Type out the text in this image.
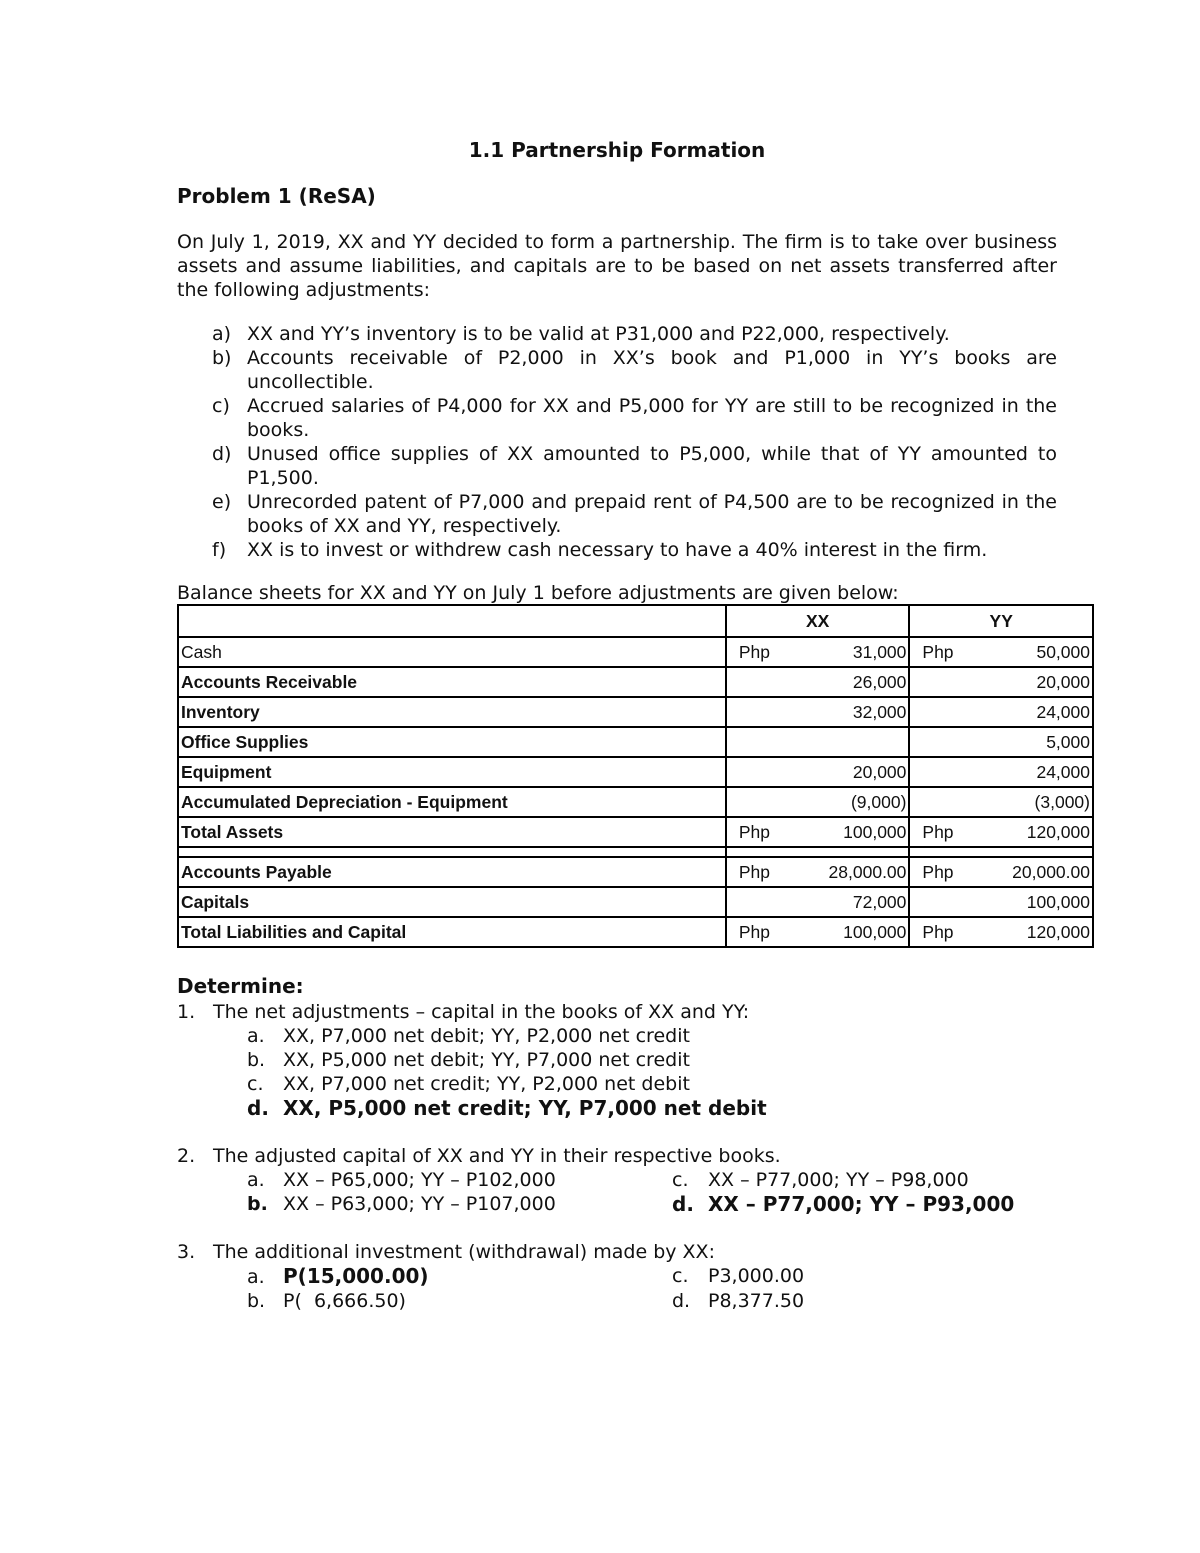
1.1 Partnership Formation
Problem 1 (ReSA)
On July 1, 2019, XX and YY decided to form a partnership. The firm is to take over business assets and assume liabilities, and capitals are to be based on net assets transferred after the following adjustments:
a) XX and YY’s inventory is to be valid at P31,000 and P22,000, respectively.
b) Accounts receivable of P2,000 in XX’s book and P1,000 in YY’s books are uncollectible.
c) Accrued salaries of P4,000 for XX and P5,000 for YY are still to be recognized in the books.
d) Unused office supplies of XX amounted to P5,000, while that of YY amounted to P1,500.
e) Unrecorded patent of P7,000 and prepaid rent of P4,500 are to be recognized in the books of XX and YY, respectively.
f) XX is to invest or withdrew cash necessary to have a 40% interest in the firm.
Balance sheets for XX and YY on July 1 before adjustments are given below:
	XX	YY
Cash	Php 31,000	Php 50,000

Accounts Receivable	26,000	20,000

Inventory	32,000	24,000

Office Supplies		5,000

Equipment	20,000	24,000

Accumulated Depreciation - Equipment	(9,000)	(3,000)

Total Assets	Php 100,000	Php 120,000

Accounts Payable	Php 28,000.00	Php 20,000.00

Capitals	72,000	100,000

Total Liabilities and Capital	Php 100,000	Php 120,000
Determine:
1. The net adjustments – capital in the books of XX and YY:
a. XX, P7,000 net debit; YY, P2,000 net credit
b. XX, P5,000 net debit; YY, P7,000 net credit
c. XX, P7,000 net credit; YY, P2,000 net debit
d. XX, P5,000 net credit; YY, P7,000 net debit
2. The adjusted capital of XX and YY in their respective books.
a. XX – P65,000; YY – P102,000	c. XX – P77,000; YY – P98,000
b. XX – P63,000; YY – P107,000	d. XX – P77,000; YY – P93,000
3. The additional investment (withdrawal) made by XX:
a. P(15,000.00)	c. P3,000.00
b. P(  6,666.50)	d. P8,377.50
